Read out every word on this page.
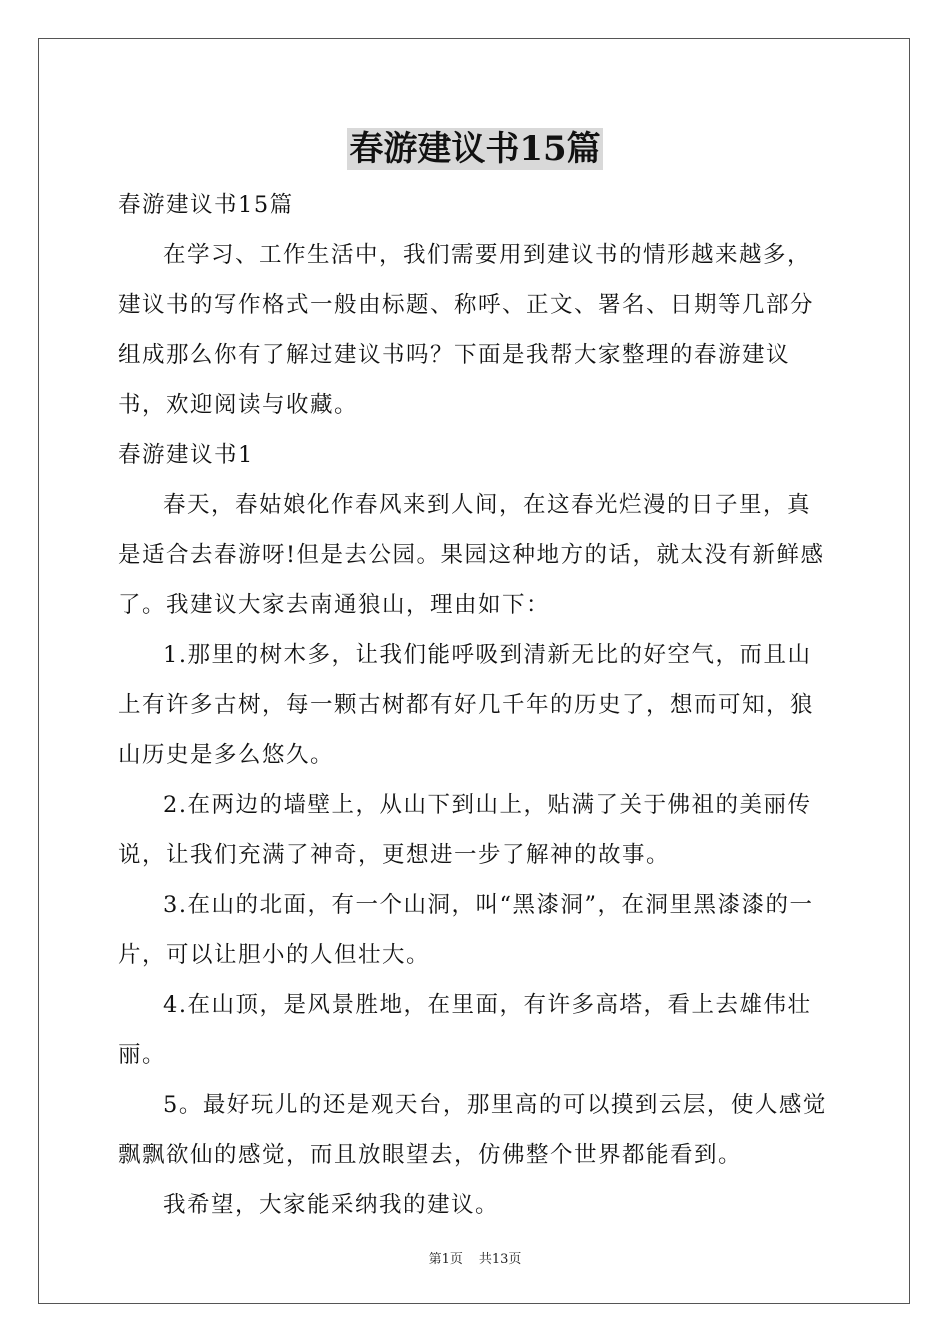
春游建议书15篇

春游建议书15篇

在学习、工作生活中，我们需要用到建议书的情形越来越多，建议书的写作格式一般由标题、称呼、正文、署名、日期等几部分组成那么你有了解过建议书吗？下面是我帮大家整理的春游建议书，欢迎阅读与收藏。

春游建议书1

春天，春姑娘化作春风来到人间，在这春光烂漫的日子里，真是适合去春游呀!但是去公园。果园这种地方的话，就太没有新鲜感了。我建议大家去南通狼山，理由如下：

1.那里的树木多，让我们能呼吸到清新无比的好空气，而且山上有许多古树，每一颗古树都有好几千年的历史了，想而可知，狼山历史是多么悠久。

2.在两边的墙壁上，从山下到山上，贴满了关于佛祖的美丽传说，让我们充满了神奇，更想进一步了解神的故事。

3.在山的北面，有一个山洞，叫“黑漆洞”，在洞里黑漆漆的一片，可以让胆小的人但壮大。

4.在山顶，是风景胜地，在里面，有许多高塔，看上去雄伟壮丽。

5。最好玩儿的还是观天台，那里高的可以摸到云层，使人感觉飘飘欲仙的感觉，而且放眼望去，仿佛整个世界都能看到。

我希望，大家能采纳我的建议。

第1页 共13页
